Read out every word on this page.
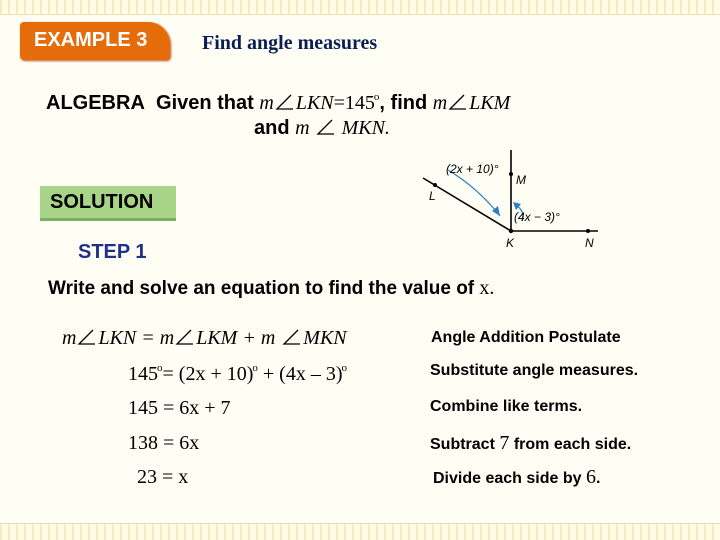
EXAMPLE 3	Find angle measures
ALGEBRA Given that m $LKN=145^o$, find m LKM
and m MKN.
(2x + 10)°
(4x − 3)°
M
L
K	N
SOLUTION
STEP 1
Write and solve an equation to find the value of x.
m LKN = m LKM + m MKN	Angle Addition Postulate
$145^o= (2x + 10)^o + (4x - 3)^o$	Substitute angle measures.
145 = 6x + 7	Combine like terms.
138 = 6x	Subtract 7 from each side.
23 = x	Divide each side by 6.
